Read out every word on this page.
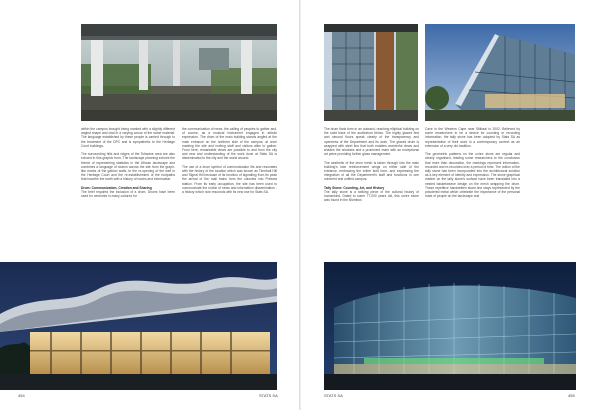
within the campus brought being marked with a slightly different angled shape and clad in a varying colour of the same material. The language established by these people is carried through to the treatment of the DPC and is sympathetic to the Heritage Court buildings.

The surrounding hills and ridges of the Tshwane area are also echoed in this graphic form. The landscape planning echoes the theme of representing statistics in the African landscape and combines a language of stones across the site from the graph-like marks of the gabion walls, to the re-opening of the well in the Heritage Court and the re-establishment of the footpaths that inscribe the earth with a history of routes and information.

Drum: Communication, Creation and Sharing

The brief required the inclusion of a drum. Drums have been used for centuries in many cultures for

the communication of news, the calling of peoples to gather and, of course, as a musical instrument engaged in artistic expression. The drum of the main building stands angled at the main entrance on the northern side of the campus, at once marking the site and inviting staff and visitors alike to gather. From here, remarkable views are possible to and from the city and new and understanding of the work done at Stats SA is disseminated to the city and the world around.

The use of a drum symbol of communication fits and resonates with the history of the location which was known as Timebalt Hill and Signal Hill because of its function of signalling from its peak the arrival of the mail trains from the colonies into Pretoria station. From its early occupation, the site has been used to communicate the notion of news and information dissemination - a history which now resounds with its new use for Stats SA.

454	STATS SA

The drum finds form in an outward- reaching elliptical building on the solid base of the auditorium below. The highly glazed first and second floors speak clearly of the transparency and openness of the Department and its work. The glazed drum is wrapped with steel fins that both enables wonderful views and shades the windows and a prominent mark with an exceptional art piece providing further glass management.

The aesthetic of the drum mesh is taken through into the main building's twin reinforcement wings on either side of the entrance, embracing the entire built form, and expressing the integration of all the Department's staff and functions in one coherent and unified campus.

Tally Stone: Counting, Art, and History

The tally stone is a striking piece of the cultural history of humankind. Dated to some 77,000 years old, this ochre stone was found in the Blombos

Cave in the Western Cape near Stilbaai in 2002. Believed by some researchers to be a device for counting or recording information, the tally stone has been adopted by Stats SA as representative of their work in a contemporary context as an extension of a very old tradition.

The geometric patterns on the ochre stone are regular and clearly organised, leading some researchers to the conclusion that more than decoration, the markings represent information, recorded and re-recorded over a period of time. The notion of the tally stone has been incorporated into the architectural solution as a key element of identity and expression. The stone graphical marker on the tally stone's surface have been translated into a nested basketweave design on the mesh wrapping the drum. These repetitive handwritten stone-line stays represented by the powdered metal which celebrate the importance of the personal mark of people on the landscape and

STATS SA	455
